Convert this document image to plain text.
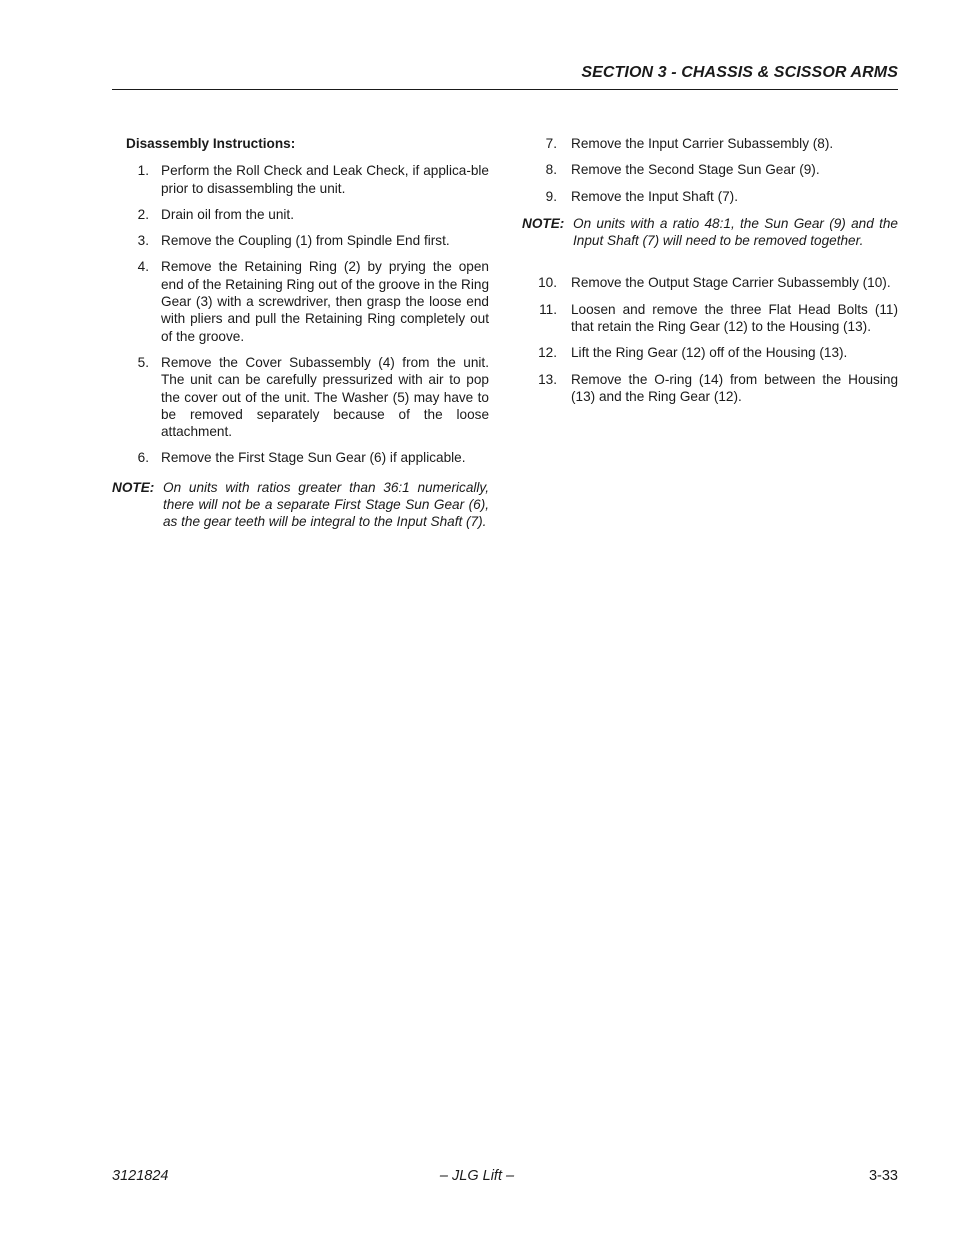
SECTION 3 - CHASSIS & SCISSOR ARMS
Disassembly Instructions:
1. Perform the Roll Check and Leak Check, if applica-ble prior to disassembling the unit.
2. Drain oil from the unit.
3. Remove the Coupling (1) from Spindle End first.
4. Remove the Retaining Ring (2) by prying the open end of the Retaining Ring out of the groove in the Ring Gear (3) with a screwdriver, then grasp the loose end with pliers and pull the Retaining Ring completely out of the groove.
5. Remove the Cover Subassembly (4) from the unit. The unit can be carefully pressurized with air to pop the cover out of the unit. The Washer (5) may have to be removed separately because of the loose attachment.
6. Remove the First Stage Sun Gear (6) if applicable.
NOTE: On units with ratios greater than 36:1 numerically, there will not be a separate First Stage Sun Gear (6), as the gear teeth will be integral to the Input Shaft (7).
7. Remove the Input Carrier Subassembly (8).
8. Remove the Second Stage Sun Gear (9).
9. Remove the Input Shaft (7).
NOTE: On units with a ratio 48:1, the Sun Gear (9) and the Input Shaft (7) will need to be removed together.
10. Remove the Output Stage Carrier Subassembly (10).
11. Loosen and remove the three Flat Head Bolts (11) that retain the Ring Gear (12) to the Housing (13).
12. Lift the Ring Gear (12) off of the Housing (13).
13. Remove the O-ring (14) from between the Housing (13) and the Ring Gear (12).
3121824	– JLG Lift –	3-33
